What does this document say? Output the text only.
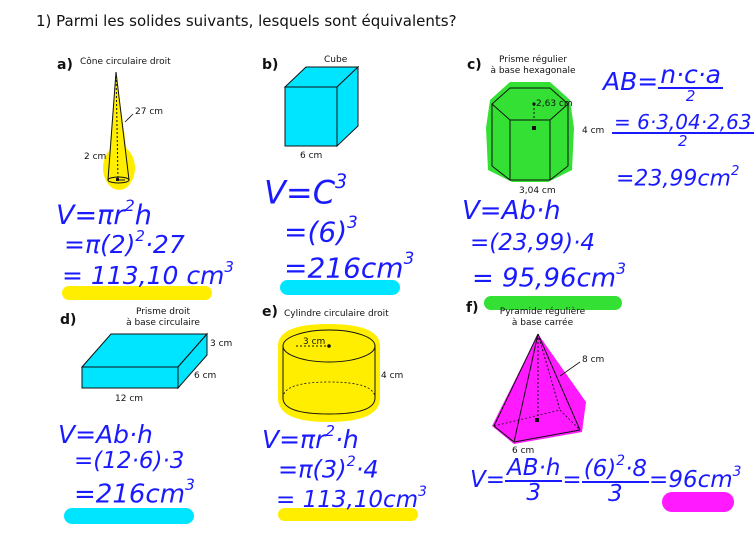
1) Parmi les solides suivants, lesquels sont équivalents?
a) Cône circulaire droit
27 cm
2 cm
$V=\pi r^2h$
$=\pi(2)^2\cdot 27$
= 113,10 $cm^3$
b)	Cube
6 cm
$V=C^3$
$=(6)^3$
$=216cm^3$
c)	Prisme régulier
à base hexagonale
2,63 cm
4 cm
3,04 cm
$AB= \frac{n\cdot c\cdot a}{2}$
$\frac{= 6\cdot 3,04\cdot 2,63}{2}$
$=23,99cm^2$
V=Ab·h
=(23,99)·4
= $95,96cm^3$
d)	Prisme droit
à base circulaire
3 cm
6 cm
12 cm
V=Ab·h
=(12·6)·3
$=216cm^3$
e) Cylindre circulaire droit
3 cm
4 cm
$V=\pi r^2\cdot h$
$=\pi(3)^2\cdot 4$
= $113,10cm^3$
f)	Pyramide régulière
à base carrée
8 cm
6 cm
$V= \frac{AB\cdot h}{3} = \frac{(6)^2\cdot 8}{3} =96cm^3$
